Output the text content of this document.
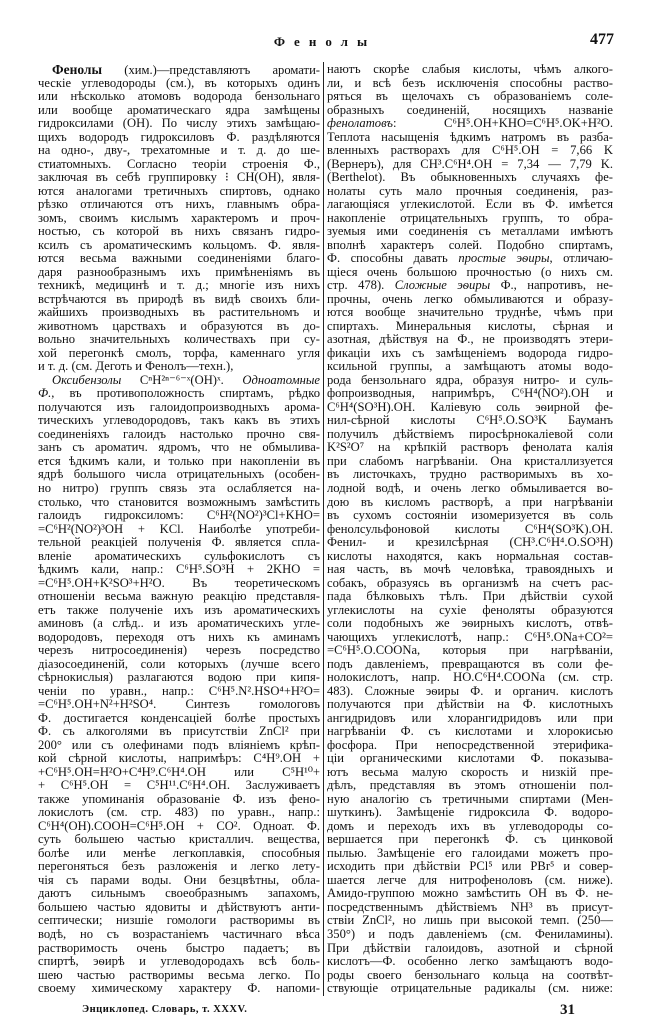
Фенолы	477
Фенолы (хим.)—представляютъ аромати-
ческіе углеводороды (см.), въ которыхъ одинъ
или нѣсколько атомовъ водорода бензольнаго
или вообще ароматическаго ядра замѣщены
гидроксилами (ОН). По числу этихъ замѣщаю-
щихъ водородъ гидроксиловъ Ф. раздѣляются
на одно-, дву-, трехатомные и т. д. до ше-
стиатомныхъ. Согласно теоріи строенія Ф.,
заключая въ себѣ группировку ⁝ CH(OH), явля-
ются аналогами третичныхъ спиртовъ, однако
рѣзко отличаются отъ нихъ, главнымъ обра-
зомъ, своимъ кислымъ характеромъ и проч-
ностью, съ которой въ нихъ связанъ гидро-
ксилъ съ ароматическимъ кольцомъ. Ф. явля-
ются весьма важными соединеніями благо-
даря разнообразнымъ ихъ примѣненіямъ въ
техникѣ, медицинѣ и т. д.; многіе изъ нихъ
встрѣчаются въ природѣ въ видѣ своихъ бли-
жайшихъ производныхъ въ растительномъ и
животномъ царствахъ и образуются въ до-
вольно значительныхъ количествахъ при су-
хой перегонкѣ смолъ, торфа, каменнаго угля
и т. д. (см. Деготь и Фенолъ—техн.),
Оксибензолы CⁿH²ⁿ⁻⁶⁻ˣ(OH)ˣ. Одноатомные
Ф., въ противоположность спиртамъ, рѣдко
получаются изъ галоидопроизводныхъ арома-
тическихъ углеводородовъ, такъ какъ въ этихъ
соединеніяхъ галоидъ настолько прочно свя-
занъ съ ароматич. ядромъ, что не обмылива-
ется ѣдкимъ кали, и только при накопленіи въ
ядрѣ большого числа отрицательныхъ (особен-
но нитро) группъ связь эта ослабляется на-
столько, что становится возможнымъ замѣстить
галоидъ гидроксиломъ: C⁶H²(NO²)³Cl+KHO=
=C⁶H²(NO²)³OH + KCl. Наиболѣе употреби-
тельной реакціей полученія Ф. является спла-
вленіе ароматическихъ сульфокислотъ съ
ѣдкимъ кали, напр.: C⁶H⁵.SO³H + 2KHO =
=C⁶H⁵.OH+K²SO³+H²O. Въ теоретическомъ
отношеніи весьма важную реакцію представля-
етъ также полученіе ихъ изъ ароматическихъ
аминовъ (а слѣд.. и изъ ароматическихъ угле-
водородовъ, переходя отъ нихъ къ аминамъ
черезъ нитросоединенія) черезъ посредство
діазосоединеній, соли которыхъ (лучше всего
сѣрнокислыя) разлагаются водою при кипя-
ченіи по уравн., напр.: C⁶H⁵.N².HSO⁴+H²O=
=C⁶H⁵.OH+N²+H²SO⁴. Синтезъ гомологовъ
Ф. достигается конденсаціей болѣе простыхъ
Ф. съ алкоголями въ присутствіи ZnCl² при
200° или съ олефинами подъ вліяніемъ крѣп-
кой сѣрной кислоты, напримѣръ: C⁴H⁹.OH +
+C⁶H⁵.OH=H²O+C⁴H⁹.C⁶H⁴.OH или C⁵H¹⁰+
+ C⁶H⁵.OH = C⁵H¹¹.C⁶H⁴.OH. Заслуживаетъ
также упоминанія образованіе Ф. изъ фено-
локислотъ (см. стр. 483) по уравн., напр.:
C⁶H⁴(OH).COOH=C⁶H⁵.OH + CO². Одноат. Ф.
суть большею частью кристаллич. вещества,
болѣе или менѣе легкоплавкія, способныя
перегоняться безъ разложенія и легко лету-
чія съ парами воды. Они безцвѣтны, обла-
даютъ сильнымъ своеобразнымъ запахомъ,
большею частью ядовиты и дѣйствуютъ анти-
септически; низшіе гомологи растворимы въ
водѣ, но съ возрастаніемъ частичнаго вѣса
растворимость очень быстро падаетъ; въ
спиртѣ, эѳирѣ и углеводородахъ всѣ боль-
шею частью растворимы весьма легко. По
своему химическому характеру Ф. напоми-
наютъ скорѣе слабыя кислоты, чѣмъ алкого-
ли, и всѣ безъ исключенія способны раство-
ряться въ щелочахъ съ образованіемъ соле-
образныхъ соединеній, носящихъ названіе
фенолатовъ: C⁶H⁵.OH+KHO=C⁶H⁵.OK+H²O.
Теплота насыщенія ѣдкимъ натромъ въ разба-
вленныхъ растворахъ для C⁶H⁵.OH = 7,66 K
(Вернеръ), для CH³.C⁶H⁴.OH = 7,34 — 7,79 K.
(Berthelot). Въ обыкновенныхъ случаяхъ фе-
нолаты суть мало прочныя соединенія, раз-
лагающіяся углекислотой. Если въ Ф. имѣется
накопленіе отрицательныхъ группъ, то обра-
зуемыя ими соединенія съ металлами имѣютъ
вполнѣ характеръ солей. Подобно спиртамъ,
Ф. способны давать простые эѳиры, отличаю-
щіеся очень большою прочностью (о нихъ см.
стр. 478). Сложные эѳиры Ф., напротивъ, не-
прочны, очень легко обмыливаются и образу-
ются вообще значительно труднѣе, чѣмъ при
спиртахъ. Минеральныя кислоты, сѣрная и
азотная, дѣйствуя на Ф., не производятъ этери-
фикаціи ихъ съ замѣщеніемъ водорода гидро-
ксильной группы, а замѣщаютъ атомы водо-
рода бензольнаго ядра, образуя нитро- и суль-
фопроизводныя, напримѣръ, C⁶H⁴(NO²).OH и
C⁶H⁴(SO³H).OH. Каліевую соль эѳирной фе-
нил-сѣрной кислоты C⁶H⁵.O.SO³K Бауманъ
получилъ дѣйствіемъ пиросѣрнокаліевой соли
K²S²O⁷ на крѣпкій растворъ фенолата калія
при слабомъ нагрѣваніи. Она кристаллизуется
въ листочкахъ, трудно растворимыхъ въ хо-
лодной водѣ, и очень легко обмыливается во-
дою въ кисломъ растворѣ, а при нагрѣваніи
въ сухомъ состояніи изомеризуется въ соль
фенолсульфоновой кислоты C⁶H⁴(SO³K).OH.
Фенил- и крезилсѣрная (CH³.C⁶H⁴.O.SO³H)
кислоты находятся, какъ нормальная состав-
ная часть, въ мочѣ человѣка, травоядныхъ и
собакъ, образуясь въ организмѣ на счетъ рас-
пада бѣлковыхъ тѣлъ. При дѣйствіи сухой
углекислоты на сухіе феноляты образуются
соли подобныхъ же эѳирныхъ кислотъ, отвѣ-
чающихъ углекислотѣ, напр.: C⁶H⁵.ONa+CO²=
=C⁶H⁵.O.COONa, которыя при нагрѣваніи,
подъ давленіемъ, превращаются въ соли фе-
нолокислотъ, напр. HO.C⁶H⁴.COONa (см. стр.
483). Сложные эѳиры Ф. и органич. кислотъ
получаются при дѣйствіи на Ф. кислотныхъ
ангидридовъ или хлорангидридовъ или при
нагрѣваніи Ф. съ кислотами и хлорокисью
фосфора. При непосредственной этерифика-
ціи органическими кислотами Ф. показыва-
ютъ весьма малую скорость и низкій пре-
дѣлъ, представляя въ этомъ отношеніи пол-
ную аналогію съ третичными спиртами (Мен-
шуткинъ). Замѣщеніе гидроксила Ф. водоро-
домъ и переходъ ихъ въ углеводороды со-
вершается при перегонкѣ Ф. съ цинковой
пылью. Замѣщеніе его галоидами можетъ про-
исходить при дѣйствіи PCl⁵ или PBr⁵ и совер-
шается легче для нитрофеноловъ (см. ниже).
Амидо-группою можно замѣстить OH въ Ф. не-
посредственнымъ дѣйствіемъ NH³ въ присут-
ствіи ZnCl², но лишь при высокой темп. (250—
350°) и подъ давленіемъ (см. Фениламины).
При дѣйствіи галоидовъ, азотной и сѣрной
кислотъ—Ф. особенно легко замѣщаютъ водо-
роды своего бензольнаго кольца на соотвѣт-
ствующіе отрицательные радикалы (см. ниже:
Энциклопед. Словарь, т. XXXV.	31
